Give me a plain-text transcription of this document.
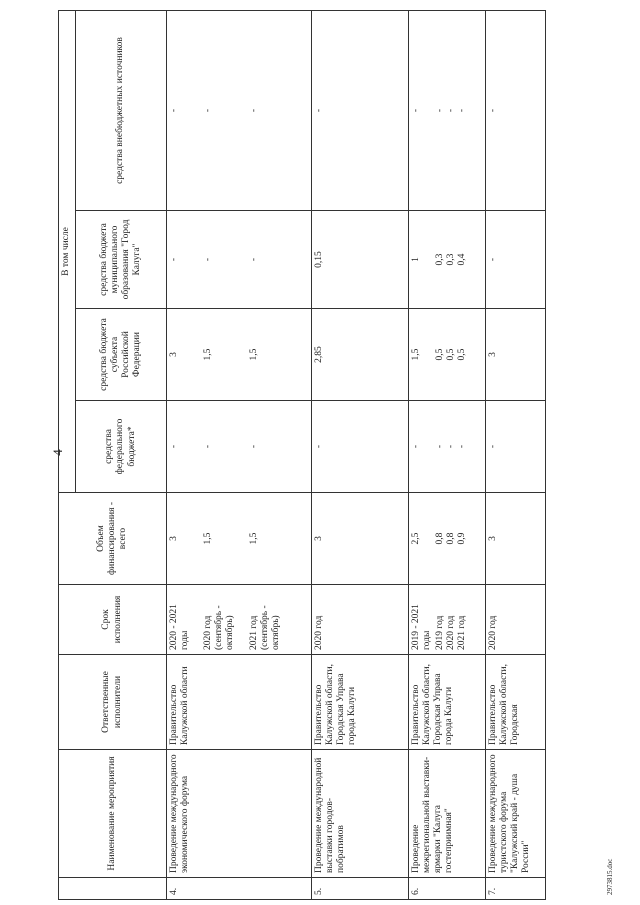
4
	Наименование мероприятия	Ответственные исполнители	Срок исполнения	Объем финансирования - всего	В том числе			
					средства федерального бюджета*	средства бюджета субъекта Российской Федерации	средства бюджета муниципального образования "Город Калуга"	средства внебюджетных источников
4.	Проведение международного экономического форума	Правительство Калужской области	2020 - 2021 годы 2020 год (сентябрь - октябрь) 2021 год (сентябрь - октябрь)	3 1,5 1,5	- - -	3 1,5 1,5	- - -	- - -

5.	Проведение международной выставки городов-побратимов	Правительство Калужской области, Городская Управа города Калуги	2020 год	3	-	2,85	0,15	-
6.	Проведение межрегиональной выставки-ярмарки "Калуга гостеприимная"	Правительство Калужской области, Городская Управа города Калуги	2019 - 2021 годы 2019 год 2020 год 2021 год	2,5 0,8 0,8 0,9	- - - -	1,5 0,5 0,5 0,5	1 0,3 0,3 0,4	- - - -

7.	Проведение международного туристского форума "Калужский край - душа России"	Правительство Калужской области, Городская	2020 год	3	-	3	-	-
2973815.doc
